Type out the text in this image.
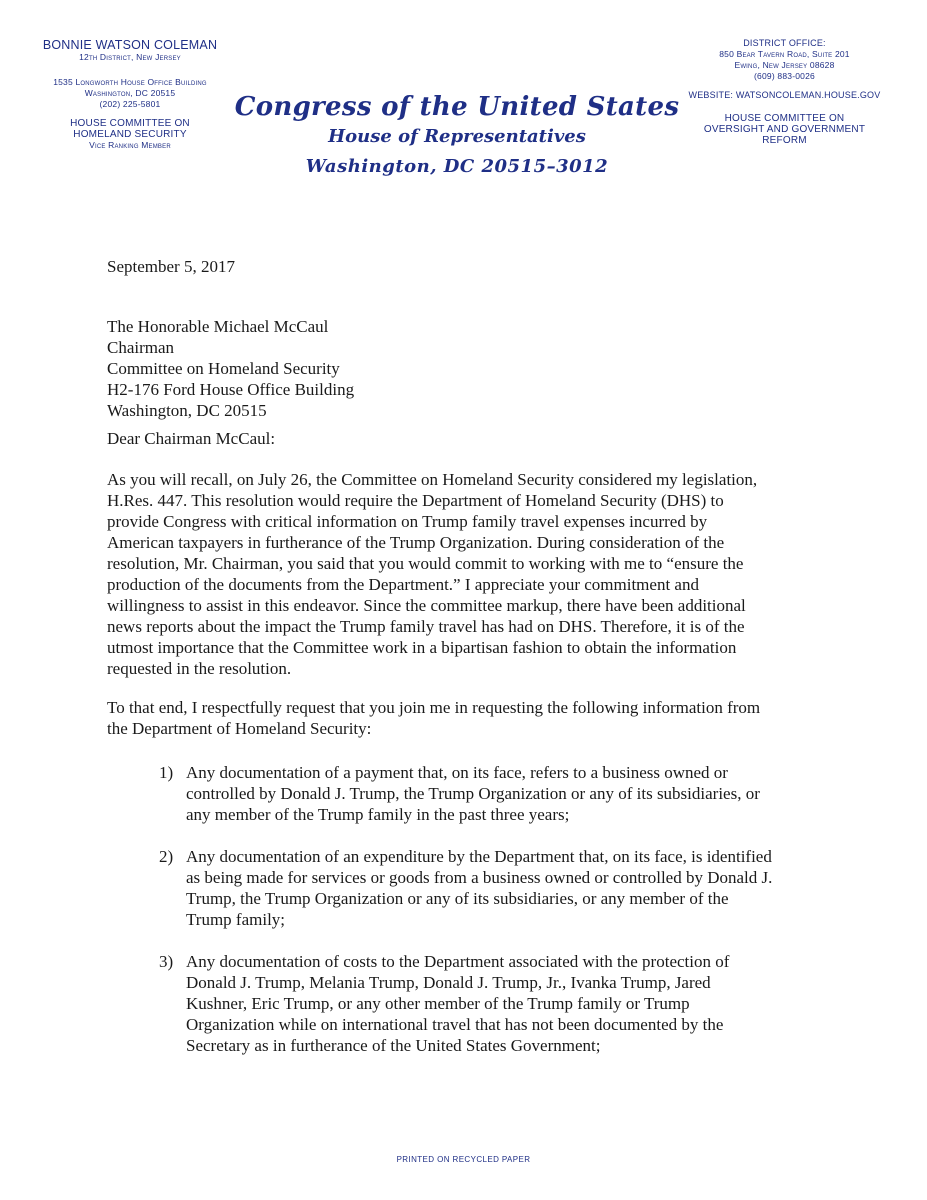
BONNIE WATSON COLEMAN
12th District, New Jersey
1535 Longworth House Office Building
Washington, DC 20515
(202) 225-5801
HOUSE COMMITTEE ON
HOMELAND SECURITY
Vice Ranking Member
Congress of the United States
House of Representatives
Washington, DC 20515–3012
DISTRICT OFFICE:
850 Bear Tavern Road, Suite 201
Ewing, New Jersey 08628
(609) 883-0026
WEBSITE: WATSONCOLEMAN.HOUSE.GOV
HOUSE COMMITTEE ON
OVERSIGHT AND GOVERNMENT
REFORM
September 5, 2017
The Honorable Michael McCaul
Chairman
Committee on Homeland Security
H2-176 Ford House Office Building
Washington, DC 20515
Dear Chairman McCaul:
As you will recall, on July 26, the Committee on Homeland Security considered my legislation,
H.Res. 447. This resolution would require the Department of Homeland Security (DHS) to
provide Congress with critical information on Trump family travel expenses incurred by
American taxpayers in furtherance of the Trump Organization. During consideration of the
resolution, Mr. Chairman, you said that you would commit to working with me to “ensure the
production of the documents from the Department.” I appreciate your commitment and
willingness to assist in this endeavor. Since the committee markup, there have been additional
news reports about the impact the Trump family travel has had on DHS. Therefore, it is of the
utmost importance that the Committee work in a bipartisan fashion to obtain the information
requested in the resolution.
To that end, I respectfully request that you join me in requesting the following information from
the Department of Homeland Security:
1) Any documentation of a payment that, on its face, refers to a business owned or
controlled by Donald J. Trump, the Trump Organization or any of its subsidiaries, or
any member of the Trump family in the past three years;
2) Any documentation of an expenditure by the Department that, on its face, is identified
as being made for services or goods from a business owned or controlled by Donald J.
Trump, the Trump Organization or any of its subsidiaries, or any member of the
Trump family;
3) Any documentation of costs to the Department associated with the protection of
Donald J. Trump, Melania Trump, Donald J. Trump, Jr., Ivanka Trump, Jared
Kushner, Eric Trump, or any other member of the Trump family or Trump
Organization while on international travel that has not been documented by the
Secretary as in furtherance of the United States Government;
PRINTED ON RECYCLED PAPER
